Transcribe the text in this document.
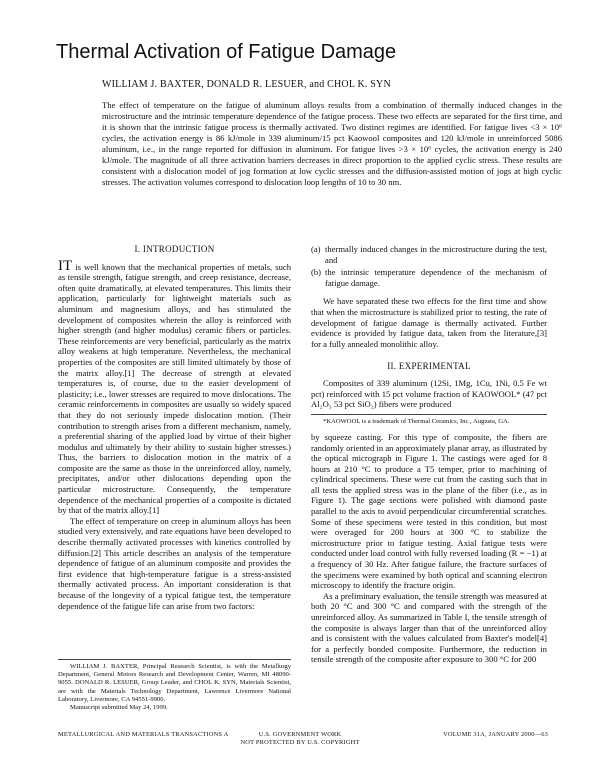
Thermal Activation of Fatigue Damage
WILLIAM J. BAXTER, DONALD R. LESUER, and CHOL K. SYN

The effect of temperature on the fatigue of aluminum alloys results from a combination of thermally induced changes in the microstructure and the intrinsic temperature dependence of the fatigue process. These two effects are separated for the first time, and it is shown that the intrinsic fatigue process is thermally activated. Two distinct regimes are identified. For fatigue lives <3 × 10⁶ cycles, the activation energy is 86 kJ/mole in 339 aluminum/15 pct Kaowool composites and 120 kJ/mole in unreinforced 5086 aluminum, i.e., in the range reported for diffusion in aluminum. For fatigue lives >3 × 10⁶ cycles, the activation energy is 240 kJ/mole. The magnitude of all three activation barriers decreases in direct proportion to the applied cyclic stress. These results are consistent with a dislocation model of jog formation at low cyclic stresses and the diffusion-assisted motion of jogs at high cyclic stresses. The activation volumes correspond to dislocation loop lengths of 10 to 30 nm.

I. INTRODUCTION

IT is well known that the mechanical properties of metals, such as tensile strength, fatigue strength, and creep resistance, decrease, often quite dramatically, at elevated temperatures. This limits their application, particularly for lightweight materials such as aluminum and magnesium alloys, and has stimulated the development of composites wherein the alloy is reinforced with higher strength (and higher modulus) ceramic fibers or particles. These reinforcements are very beneficial, particularly as the matrix alloy weakens at high temperature. Nevertheless, the mechanical properties of the composites are still limited ultimately by those of the matrix alloy.[1] The decrease of strength at elevated temperatures is, of course, due to the easier development of plasticity; i.e., lower stresses are required to move dislocations. The ceramic reinforcements in composites are usually so widely spaced that they do not seriously impede dislocation motion. (Their contribution to strength arises from a different mechanism, namely, a preferential sharing of the applied load by virtue of their higher modulus and ultimately by their ability to sustain higher stresses.) Thus, the barriers to dislocation motion in the matrix of a composite are the same as those in the unreinforced alloy, namely, precipitates, and/or other dislocations depending upon the particular microstructure. Consequently, the temperature dependence of the mechanical properties of a composite is dictated by that of the matrix alloy.[1]

The effect of temperature on creep in aluminum alloys has been studied very extensively, and rate equations have been developed to describe thermally activated processes with kinetics controlled by diffusion.[2] This article describes an analysis of the temperature dependence of fatigue of an aluminum composite and provides the first evidence that high-temperature fatigue is a stress-assisted thermally activated process. An important consideration is that because of the longevity of a typical fatigue test, the temperature dependence of the fatigue life can arise from two factors:

WILLIAM J. BAXTER, Principal Research Scientist, is with the Metallurgy Department, General Motors Research and Development Center, Warren, MI 48090-9055. DONALD R. LESUER, Group Leader, and CHOL K. SYN, Materials Scientist, are with the Materials Technology Department, Lawrence Livermore National Laboratory, Livermore, CA 94551-9900.

Manuscript submitted May 24, 1999.

(a) thermally induced changes in the microstructure during the test, and
(b) the intrinsic temperature dependence of the mechanism of fatigue damage.

We have separated these two effects for the first time and show that when the microstructure is stabilized prior to testing, the rate of development of fatigue damage is thermally activated. Further evidence is provided by fatigue data, taken from the literature,[3] for a fully annealed monolithic alloy.

II. EXPERIMENTAL

Composites of 339 aluminum (12Si, 1Mg, 1Cu, 1Ni, 0.5 Fe wt pct) reinforced with 15 pct volume fraction of KAOWOOL* (47 pct Al₂O₃ 53 pct SiO₂) fibers were produced

*KAOWOOL is a trademark of Thermal Ceramics, Inc., Augusta, GA.

by squeeze casting. For this type of composite, the fibers are randomly oriented in an approximately planar array, as illustrated by the optical micrograph in Figure 1. The castings were aged for 8 hours at 210 °C to produce a T5 temper, prior to machining of cylindrical specimens. These were cut from the casting such that in all tests the applied stress was in the plane of the fiber (i.e., as in Figure 1). The gage sections were polished with diamond paste parallel to the axis to avoid perpendicular circumferential scratches. Some of these specimens were tested in this condition, but most were overaged for 200 hours at 300 °C to stabilize the microstructure prior to fatigue testing. Axial fatigue tests were conducted under load control with fully reversed loading (R = −1) at a frequency of 30 Hz. After fatigue failure, the fracture surfaces of the specimens were examined by both optical and scanning electron microscopy to identify the fracture origin.

As a preliminary evaluation, the tensile strength was measured at both 20 °C and 300 °C and compared with the strength of the unreinforced alloy. As summarized in Table I, the tensile strength of the composite is always larger than that of the unreinforced alloy and is consistent with the values calculated from Baxter's model[4] for a perfectly bonded composite. Furthermore, the reduction in tensile strength of the composite after exposure to 300 °C for 200

METALLURGICAL AND MATERIALS TRANSACTIONS A	U.S. GOVERNMENT WORK
NOT PROTECTED BY U.S. COPYRIGHT
VOLUME 31A, JANUARY 2000—63
